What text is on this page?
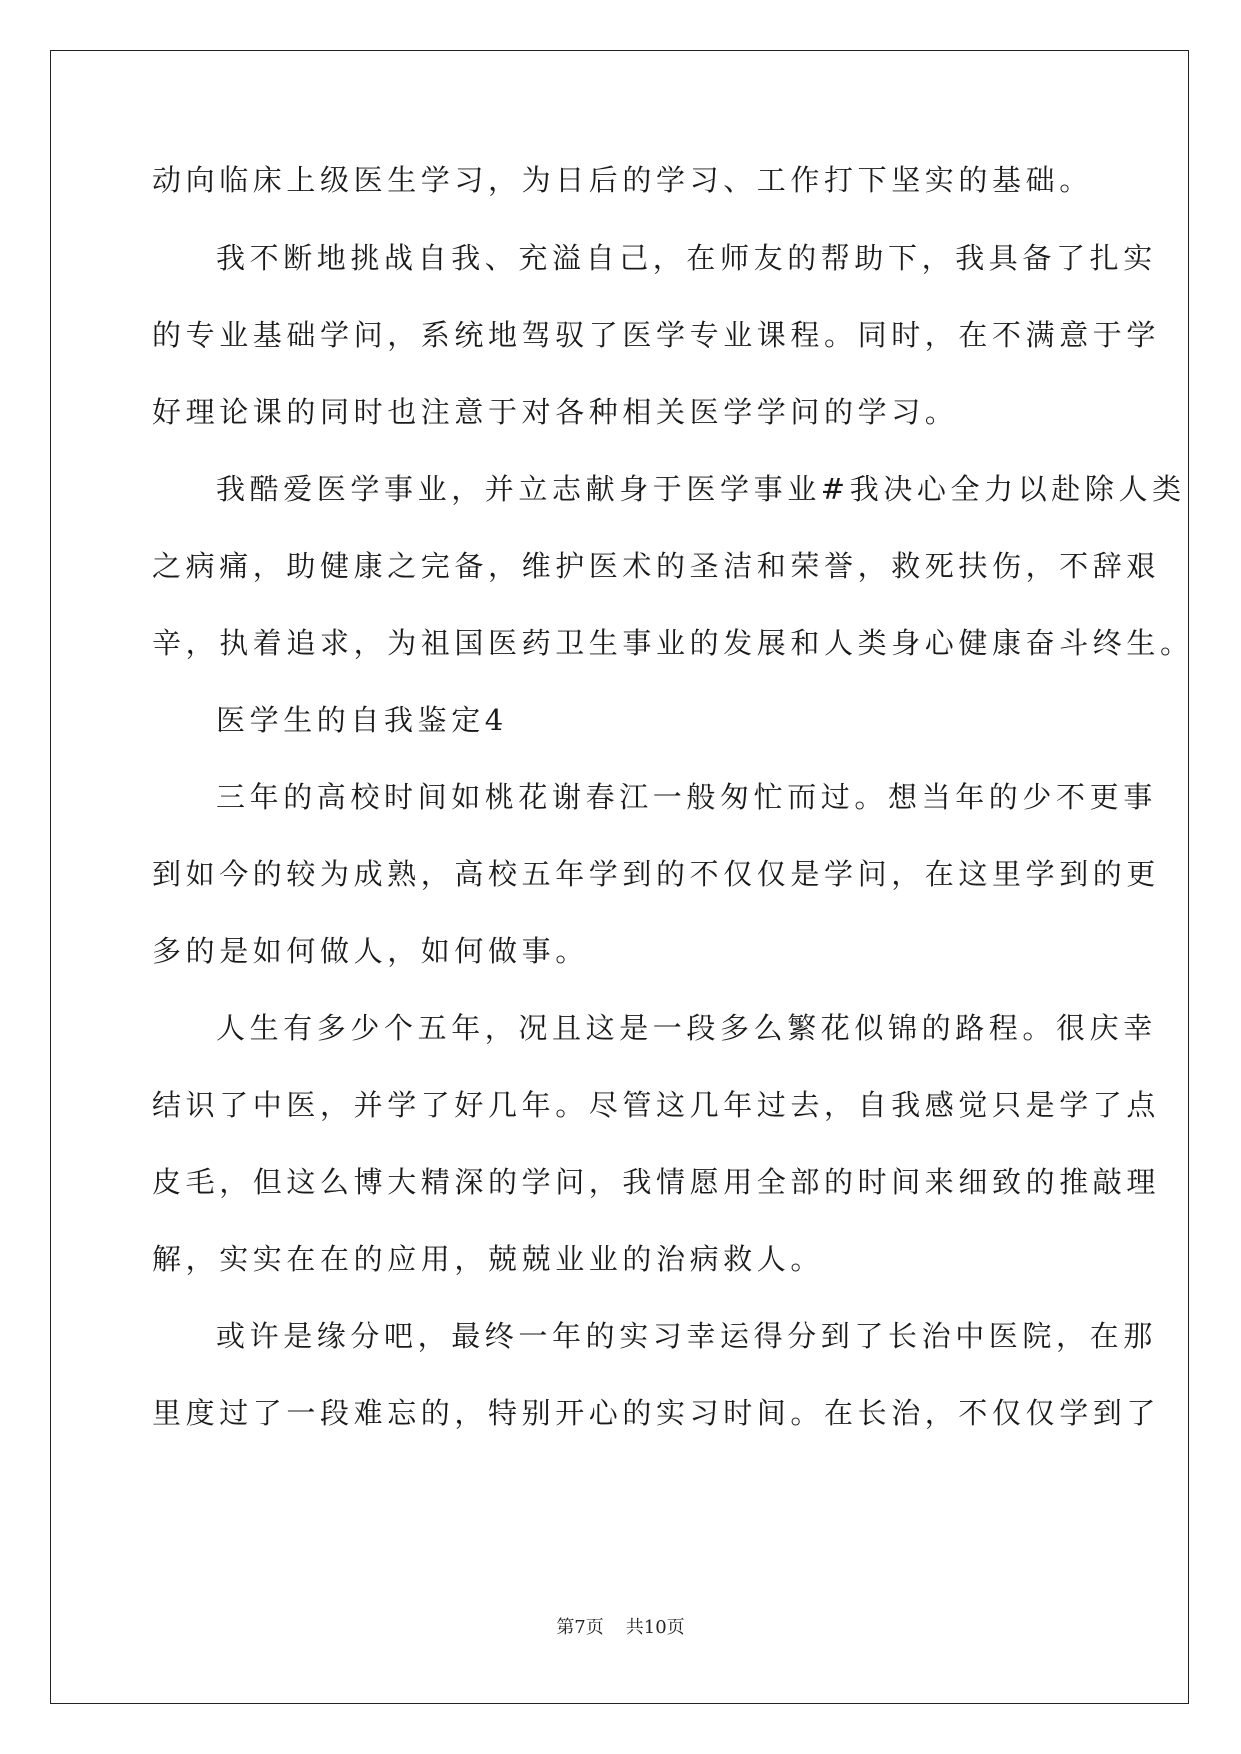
动向临床上级医生学习，为日后的学习、工作打下坚实的基础。
我不断地挑战自我、充溢自己，在师友的帮助下，我具备了扎实
的专业基础学问，系统地驾驭了医学专业课程。同时，在不满意于学
好理论课的同时也注意于对各种相关医学学问的学习。
我酷爱医学事业，并立志献身于医学事业#我决心全力以赴除人类
之病痛，助健康之完备，维护医术的圣洁和荣誉，救死扶伤，不辞艰
辛，执着追求，为祖国医药卫生事业的发展和人类身心健康奋斗终生。
医学生的自我鉴定4
三年的高校时间如桃花谢春江一般匆忙而过。想当年的少不更事
到如今的较为成熟，高校五年学到的不仅仅是学问，在这里学到的更
多的是如何做人，如何做事。
人生有多少个五年，况且这是一段多么繁花似锦的路程。很庆幸
结识了中医，并学了好几年。尽管这几年过去，自我感觉只是学了点
皮毛，但这么博大精深的学问，我情愿用全部的时间来细致的推敲理
解，实实在在的应用，兢兢业业的治病救人。
或许是缘分吧，最终一年的实习幸运得分到了长治中医院，在那
里度过了一段难忘的，特别开心的实习时间。在长治，不仅仅学到了
第7页 共10页
